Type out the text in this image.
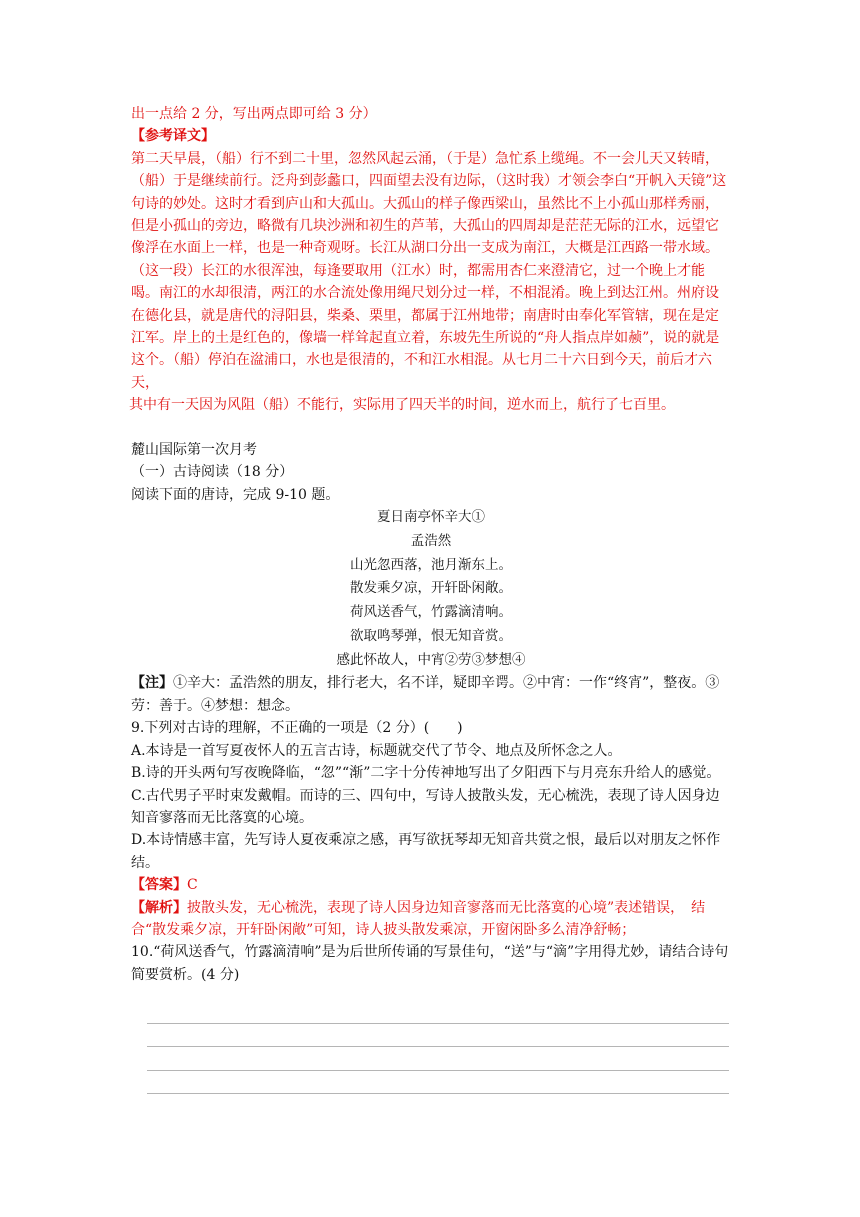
出一点给 2 分，写出两点即可给 3 分）

【参考译文】

第二天早晨，（船）行不到二十里，忽然风起云涌，（于是）急忙系上缆绳。不一会儿天又转晴，（船）于是继续前行。泛舟到彭蠡口，四面望去没有边际，（这时我）才领会李白“开帆入天镜”这句诗的妙处。这时才看到庐山和大孤山。大孤山的样子像西梁山，虽然比不上小孤山那样秀丽，但是小孤山的旁边，略微有几块沙洲和初生的芦苇，大孤山的四周却是茫茫无际的江水，远望它像浮在水面上一样，也是一种奇观呀。长江从湖口分出一支成为南江，大概是江西路一带水域。（这一段）长江的水很浑浊，每逢要取用（江水）时，都需用杏仁来澄清它，过一个晚上才能喝。南江的水却很清，两江的水合流处像用绳尺划分过一样，不相混淆。晚上到达江州。州府设在德化县，就是唐代的浔阳县，柴桑、栗里，都属于江州地带；南唐时由奉化军管辖，现在是定江军。岸上的土是红色的，像墙一样耸起直立着，东坡先生所说的“舟人指点岸如赪”，说的就是这个。（船）停泊在湓浦口，水也是很清的，不和江水相混。从七月二十六日到今天，前后才六天，

其中有一天因为风阻（船）不能行，实际用了四天半的时间，逆水而上，航行了七百里。

麓山国际第一次月考

（一）古诗阅读（18 分）

阅读下面的唐诗，完成 9-10 题。

夏日南亭怀辛大①

孟浩然

山光忽西落，池月渐东上。

散发乘夕凉，开轩卧闲敞。

荷风送香气，竹露滴清响。

欲取鸣琴弹，恨无知音赏。

感此怀故人，中宵②劳③梦想④

【注】①辛大：孟浩然的朋友，排行老大，名不详，疑即辛谔。②中宵：一作“终宵”，整夜。③劳：善于。④梦想：想念。

9.下列对古诗的理解，不正确的一项是（2 分）(　　)

A.本诗是一首写夏夜怀人的五言古诗，标题就交代了节令、地点及所怀念之人。

B.诗的开头两句写夜晚降临，“忽”“渐”二字十分传神地写出了夕阳西下与月亮东升给人的感觉。

C.古代男子平时束发戴帽。而诗的三、四句中，写诗人披散头发，无心梳洗，表现了诗人因身边知音寥落而无比落寞的心境。

D.本诗情感丰富，先写诗人夏夜乘凉之感，再写欲抚琴却无知音共赏之恨，最后以对朋友之怀作结。

【答案】C

【解析】披散头发，无心梳洗，表现了诗人因身边知音寥落而无比落寞的心境”表述错误，　结合“散发乘夕凉，开轩卧闲敞”可知，诗人披头散发乘凉，开窗闲卧多么清净舒畅；

10.“荷风送香气，竹露滴清响”是为后世所传诵的写景佳句，“送”与“滴”字用得尤妙，请结合诗句简要赏析。(4 分)
